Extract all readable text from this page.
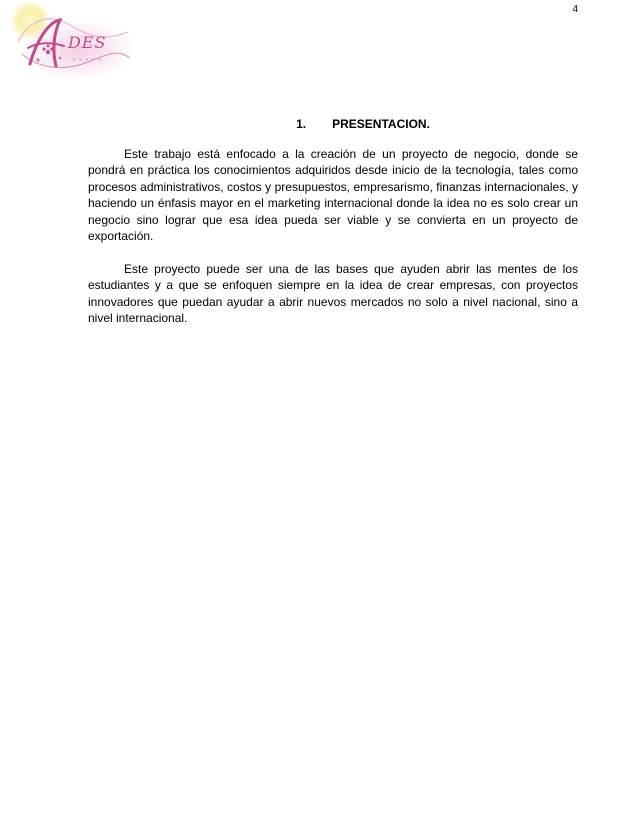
4
DES
• • • • •
1. PRESENTACION.

Este trabajo está enfocado a la creación de un proyecto de negocio, donde se pondrá en práctica los conocimientos adquiridos desde inicio de la tecnología, tales como procesos administrativos, costos y presupuestos, empresarismo, finanzas internacionales, y haciendo un énfasis mayor en el marketing internacional donde la idea no es solo crear un negocio sino lograr que esa idea pueda ser viable y se convierta en un proyecto de exportación.

Este proyecto puede ser una de las bases que ayuden abrir las mentes de los estudiantes y a que se enfoquen siempre en la idea de crear empresas, con proyectos innovadores que puedan ayudar a abrir nuevos mercados no solo a nivel nacional, sino a nivel internacional.
